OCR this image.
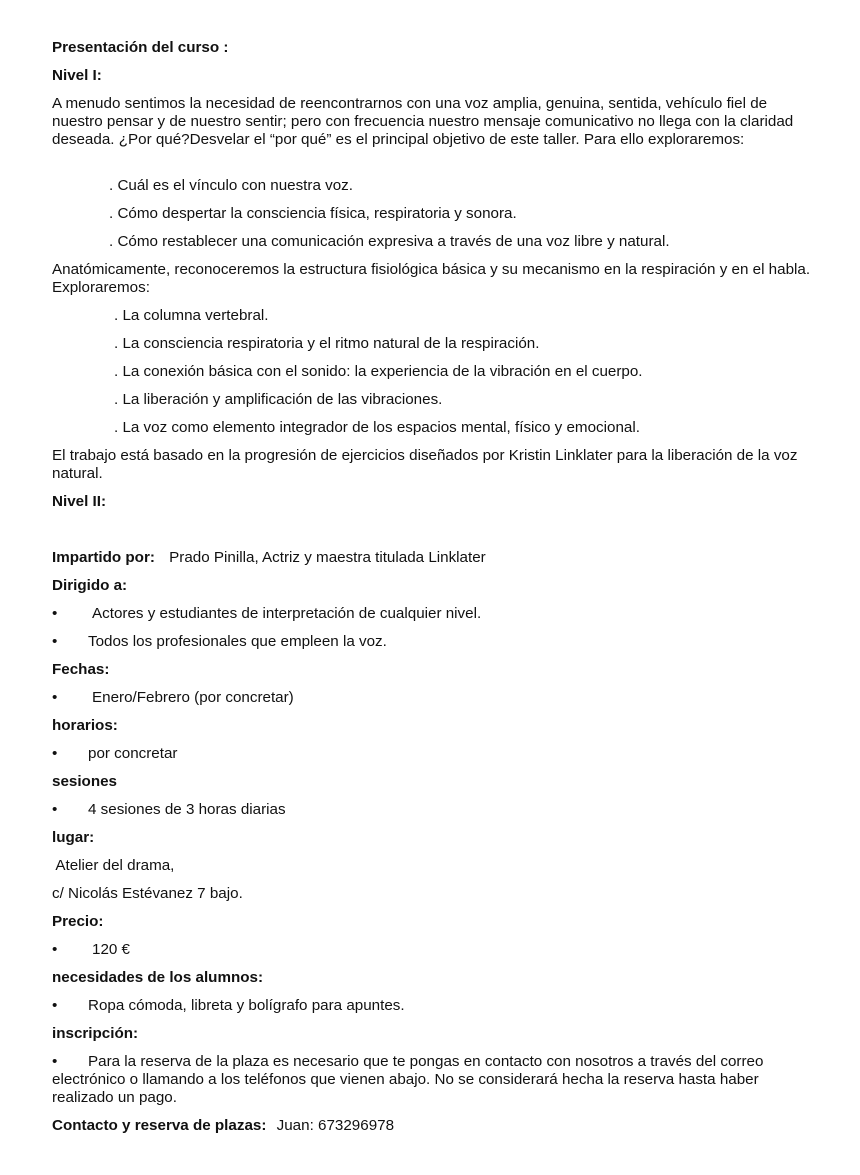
Presentación del curso :
Nivel I:
A menudo sentimos la necesidad de reencontrarnos con una voz amplia, genuina, sentida, vehículo fiel de nuestro pensar y de nuestro sentir; pero con frecuencia nuestro mensaje comunicativo no llega con la claridad deseada. ¿Por qué?Desvelar el “por qué” es el principal objetivo de este taller. Para ello exploraremos:
. Cuál es el vínculo con nuestra voz.
. Cómo despertar la consciencia física, respiratoria y sonora.
. Cómo restablecer una comunicación expresiva a través de una voz libre y natural.
Anatómicamente, reconoceremos la estructura fisiológica básica y su mecanismo en la respiración y en el habla. Exploraremos:
. La columna vertebral.
. La consciencia respiratoria y el ritmo natural de la respiración.
. La conexión básica con el sonido: la experiencia de la vibración en el cuerpo.
. La liberación y amplificación de las vibraciones.
. La voz como elemento integrador de los espacios mental, físico y emocional.
El trabajo está basado en la progresión de ejercicios diseñados por Kristin Linklater para la liberación de la voz natural.
Nivel II:
Impartido por: Prado Pinilla, Actriz y maestra titulada Linklater
Dirigido a:
• Actores y estudiantes de interpretación de cualquier nivel.
• Todos los profesionales que empleen la voz.
Fechas:
• Enero/Febrero (por concretar)
horarios:
• por concretar
sesiones
• 4 sesiones de 3 horas diarias
lugar:
Atelier del drama,
c/ Nicolás Estévanez 7 bajo.
Precio:
• 120 €
necesidades de los alumnos:
• Ropa cómoda, libreta y bolígrafo para apuntes.
inscripción:
• Para la reserva de la plaza es necesario que te pongas en contacto con nosotros a través del correo electrónico o llamando a los teléfonos que vienen abajo. No se considerará hecha la reserva hasta haber realizado un pago.
Contacto y reserva de plazas: Juan: 673296978
